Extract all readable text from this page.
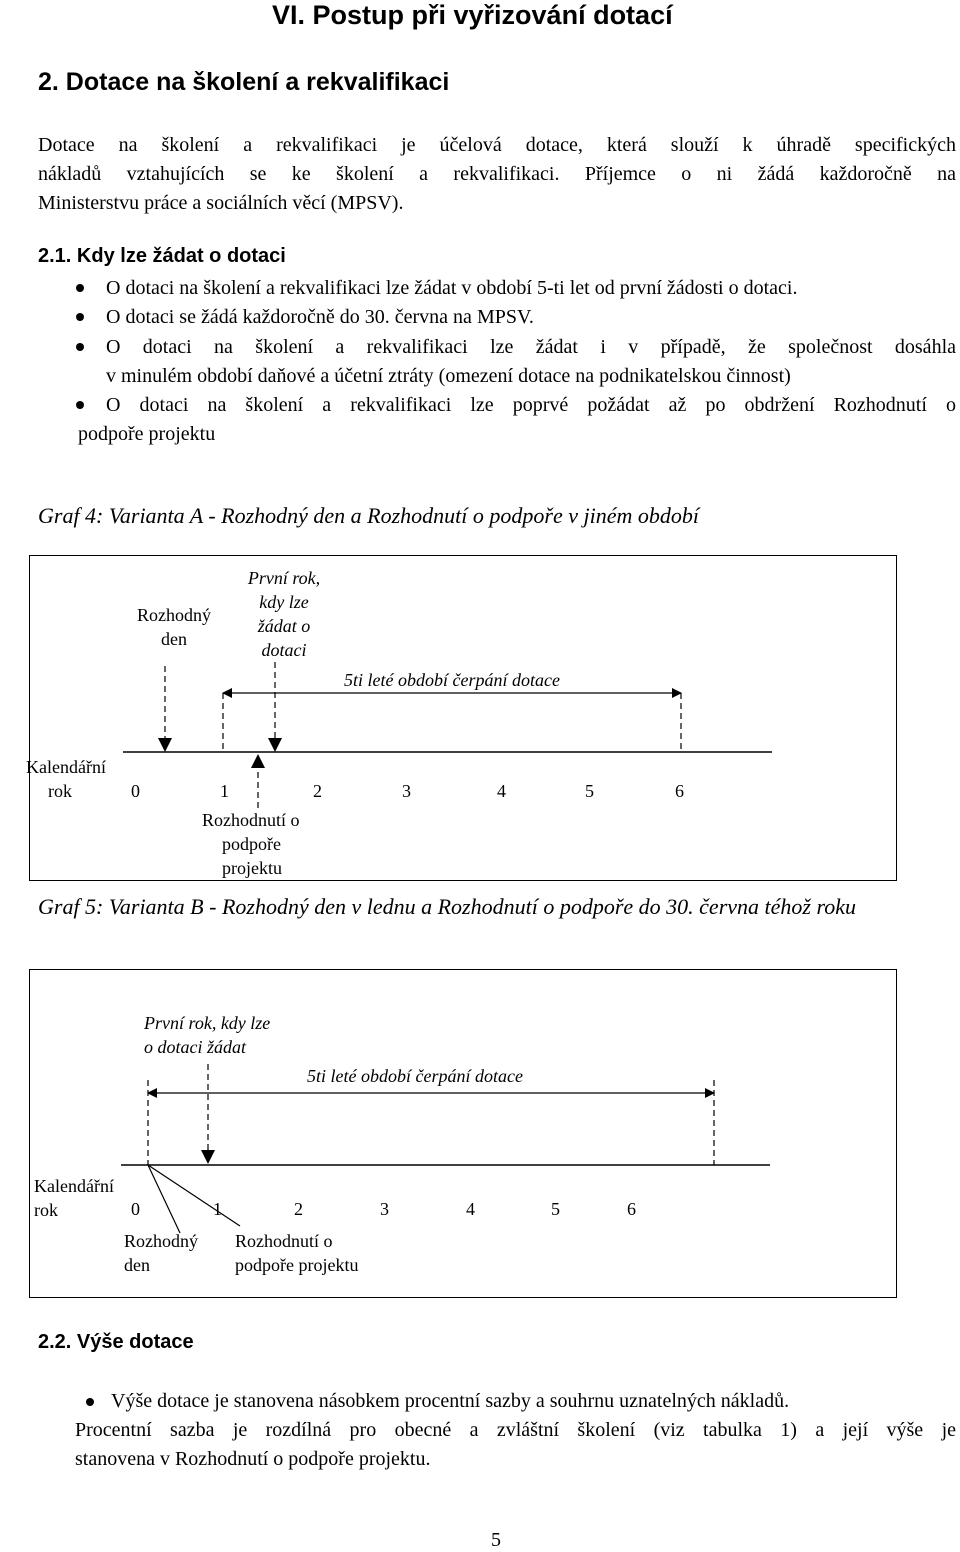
VI. Postup při vyřizování dotací
2. Dotace na školení a rekvalifikaci
Dotace na školení a rekvalifikaci je účelová dotace, která slouží k úhradě specifických
nákladů vztahujících se ke školení a rekvalifikaci. Příjemce o ni žádá každoročně na
Ministerstvu práce a sociálních věcí (MPSV).
2.1. Kdy lze žádat o dotaci
O dotaci na školení a rekvalifikaci lze žádat v období 5-ti let od první žádosti o dotaci.
O dotaci se žádá každoročně do 30. června na MPSV.
O dotaci na školení a rekvalifikaci lze žádat i v případě, že společnost dosáhla
v minulém období daňové a účetní ztráty (omezení dotace na podnikatelskou činnost)
O dotaci na školení a rekvalifikaci lze poprvé požádat až po obdržení Rozhodnutí o
podpoře projektu
Graf 4: Varianta A - Rozhodný den a Rozhodnutí o podpoře v jiném období
Rozhodný
den
První rok,
kdy lze
žádat o
dotaci
5ti leté období čerpání dotace
Kalendářní
rok	0	1	2	3	4	5	6
Rozhodnutí o
podpoře
projektu
Graf 5: Varianta B - Rozhodný den v lednu a Rozhodnutí o podpoře do 30. června téhož roku
První rok, kdy lze
o dotaci žádat
5ti leté období čerpání dotace
Kalendářní
rok	0	1	2	3	4	5	6
Rozhodný
den
Rozhodnutí o
podpoře projektu
2.2. Výše dotace
Výše dotace je stanovena násobkem procentní sazby a souhrnu uznatelných nákladů.
Procentní sazba je rozdílná pro obecné a zvláštní školení (viz tabulka 1) a její výše je
stanovena v Rozhodnutí o podpoře projektu.
5
